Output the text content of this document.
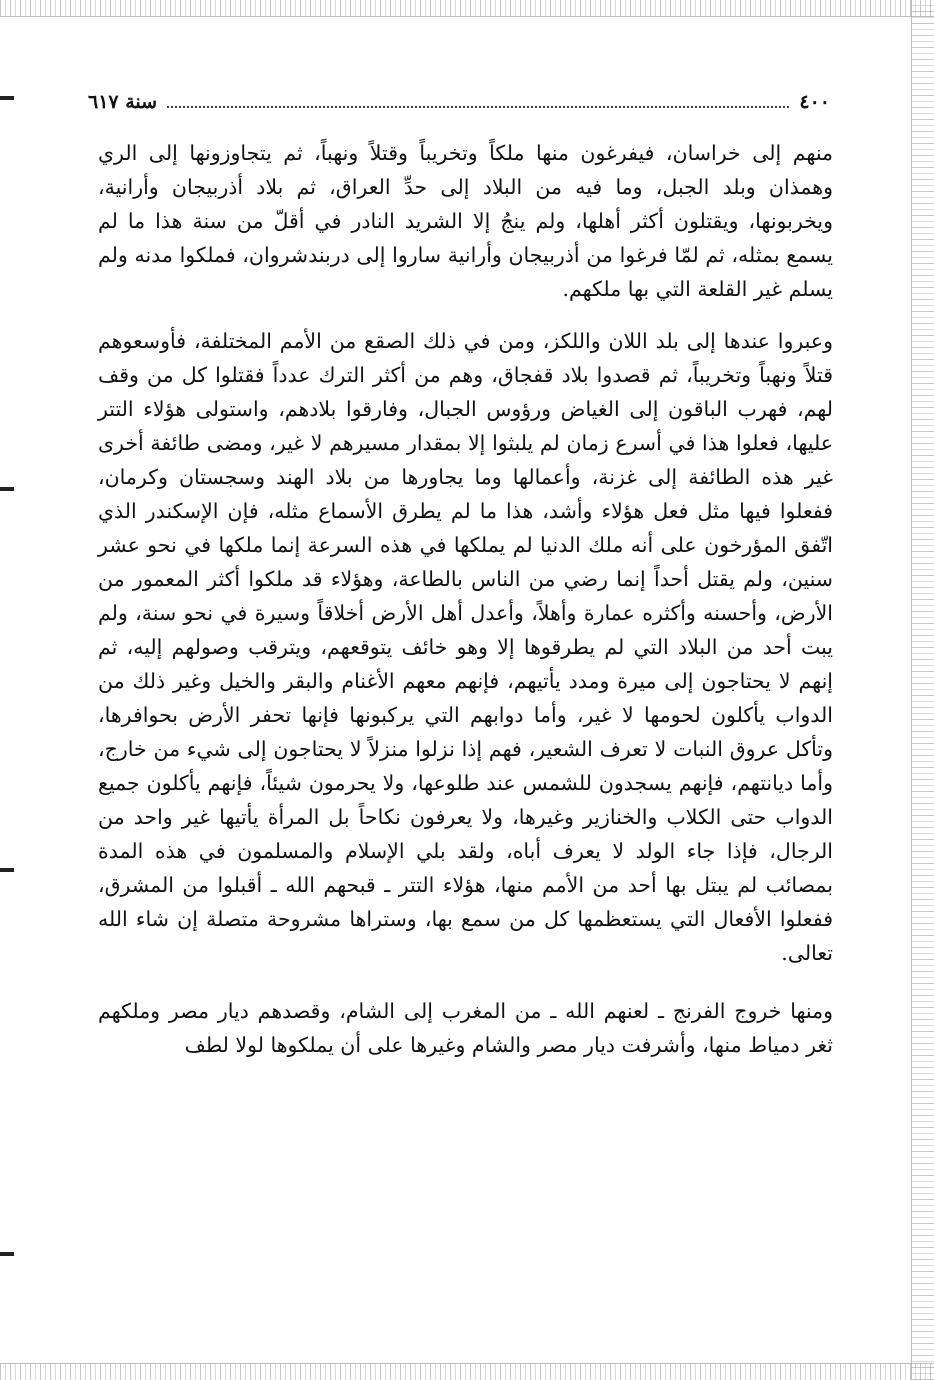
٤٠٠
سنة ٦١٧

منهم إلى خراسان، فيفرغون منها ملكاً وتخريباً وقتلاً ونهباً، ثم يتجاوزونها إلى الري وهمذان وبلد الجبل، وما فيه من البلاد إلى حدِّ العراق، ثم بلاد أذربيجان وأرانية، ويخربونها، ويقتلون أكثر أهلها، ولم ينجُ إلا الشريد النادر في أقلّ من سنة هذا ما لم يسمع بمثله، ثم لمّا فرغوا من أذربيجان وأرانية ساروا إلى دربندشروان، فملكوا مدنه ولم يسلم غير القلعة التي بها ملكهم.

وعبروا عندها إلى بلد اللان واللكز، ومن في ذلك الصقع من الأمم المختلفة، فأوسعوهم قتلاً ونهباً وتخريباً، ثم قصدوا بلاد قفجاق، وهم من أكثر الترك عدداً فقتلوا كل من وقف لهم، فهرب الباقون إلى الغياض ورؤوس الجبال، وفارقوا بلادهم، واستولى هؤلاء التتر عليها، فعلوا هذا في أسرع زمان لم يلبثوا إلا بمقدار مسيرهم لا غير، ومضى طائفة أخرى غير هذه الطائفة إلى غزنة، وأعمالها وما يجاورها من بلاد الهند وسجستان وكرمان، ففعلوا فيها مثل فعل هؤلاء وأشد، هذا ما لم يطرق الأسماع مثله، فإن الإسكندر الذي اتّفق المؤرخون على أنه ملك الدنيا لم يملكها في هذه السرعة إنما ملكها في نحو عشر سنين، ولم يقتل أحداً إنما رضي من الناس بالطاعة، وهؤلاء قد ملكوا أكثر المعمور من الأرض، وأحسنه وأكثره عمارة وأهلاً، وأعدل أهل الأرض أخلاقاً وسيرة في نحو سنة، ولم يبت أحد من البلاد التي لم يطرقوها إلا وهو خائف يتوقعهم، ويترقب وصولهم إليه، ثم إنهم لا يحتاجون إلى ميرة ومدد يأتيهم، فإنهم معهم الأغنام والبقر والخيل وغير ذلك من الدواب يأكلون لحومها لا غير، وأما دوابهم التي يركبونها فإنها تحفر الأرض بحوافرها، وتأكل عروق النبات لا تعرف الشعير، فهم إذا نزلوا منزلاً لا يحتاجون إلى شيء من خارج، وأما ديانتهم، فإنهم يسجدون للشمس عند طلوعها، ولا يحرمون شيئاً، فإنهم يأكلون جميع الدواب حتى الكلاب والخنازير وغيرها، ولا يعرفون نكاحاً بل المرأة يأتيها غير واحد من الرجال، فإذا جاء الولد لا يعرف أباه، ولقد بلي الإسلام والمسلمون في هذه المدة بمصائب لم يبتل بها أحد من الأمم منها، هؤلاء التتر ـ قبحهم الله ـ أقبلوا من المشرق، ففعلوا الأفعال التي يستعظمها كل من سمع بها، وستراها مشروحة متصلة إن شاء الله تعالى.

ومنها خروج الفرنج ـ لعنهم الله ـ من المغرب إلى الشام، وقصدهم ديار مصر وملكهم ثغر دمياط منها، وأشرفت ديار مصر والشام وغيرها على أن يملكوها لولا لطف
